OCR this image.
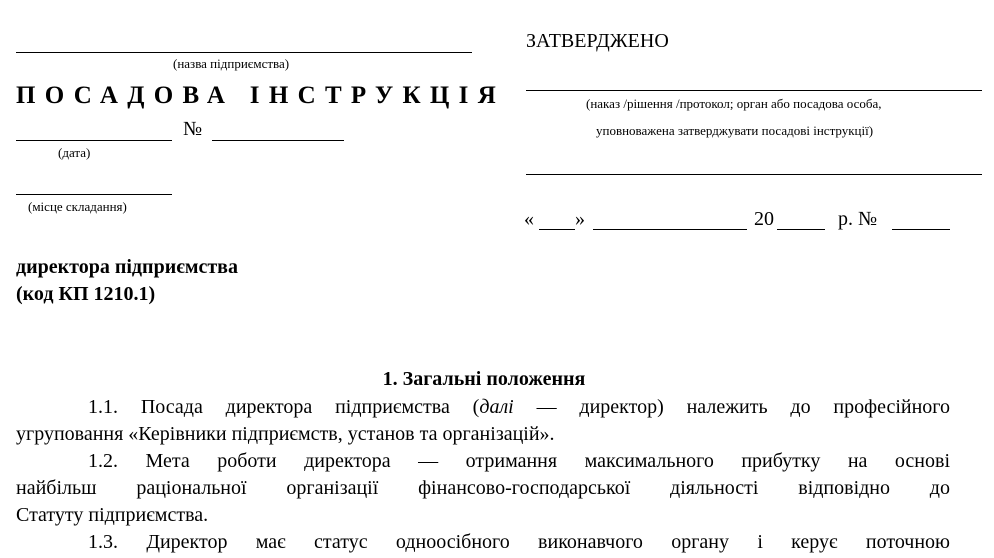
(назва підприємства)
ПОСАДОВА ІНСТРУКЦІЯ
№
(дата)
(місце складання)
ЗАТВЕРДЖЕНО
(наказ /рішення /протокол; орган або посадова особа,
уповноважена затверджувати посадові інструкції)
« »	20	р. №
директора підприємства
(код КП 1210.1)
1. Загальні положення
1.1. Посада директора підприємства (далі — директор) належить до професійного
угруповання «Керівники підприємств, установ та організацій».
1.2. Мета роботи директора — отримання максимального прибутку на основі
найбільш раціональної організації фінансово-господарської діяльності відповідно до
Статуту підприємства.
1.3. Директор має статус одноосібного виконавчого органу і керує поточною
